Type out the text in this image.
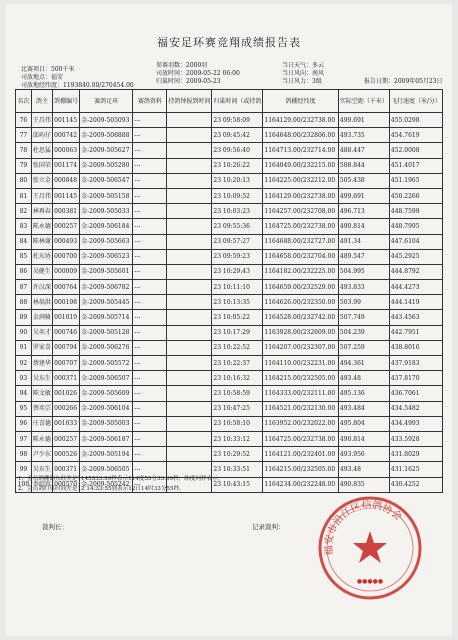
福安足环赛竞翔成绩报告表
比赛项目：500千米
司放地点：福安
司放地经纬度：1193840.00/270454.00
参赛羽数：2000羽
司放时间：2009-05-22 06:00
归巢时间：2009-05-23
当日天气：多云
当日风向：南风
当日风力：3级	报告日期：2009年05月23日
名次	鸽主	鸽棚编号	赛鸽足环	赛鸽资料	持鸽钟报到时间	归巢时间（或持鸽	鸽棚经纬度	实际空距（千米）	飞行速度（米/分）
76	王昌伟	001145	金-2009-505093	---		23 09:58:09	1164129.00/232738.00	499.691	455.0298
77	邱屿仔	000742	金-2009-506888	---		23 09:45:42	1164648.00/232806.00	493.735	454.7619
78	杜思猛	000063	金-2009-505627	---		23 09:56:40	1164713.00/232714.00	488.447	452.0008
79	张国荣	001174	金-2009-505280	---		23 10:26:22	1164049.00/232215.00	508.844	451.4017
80	张立金	000848	金-2009-506547	---		23 10:20:13	1164225.00/232212.00	505.438	451.1965
81	王昌伟	001145	金-2009-505158	---		23 10:09:52	1164129.00/232738.00	499.691	450.2266
82	林再春	000381	金-2009-505033	---		23 10:03:23	1164257.00/232708.00	496.713	448.7599
83	陈永德	000257	金-2009-506184	---		23 09:55:36	1164725.00/232738.00	490.814	448.7995
84	陈林谢	000493	金-2009-505663	---		23 09:57:27	1164688.00/232727.00	491.34	447.6104
85	杜东协	000700	金-2009-506523	---		23 09:59:23	1164658.00/232704.00	489.547	445.2925
86	吴健生	000009	金-2009-505601	---		23 10:29:43	1164182.00/232225.00	504.995	444.8792
87	许汉深	000764	金-2009-506782	---		23 10:11:10	1164659.00/232529.00	493.833	444.4273
88	林翁洪	000198	金-2009-505445	---		23 10:13:35	1164626.00/232350.00	503.99	444.1419
89	金润骑	001019	金-2009-505714	---		23 10:05:22	1164528.00/232742.00	507.749	443.4563
90	吴奕才	000746	金-2009-505128	---		23 10:17:29	1163928.00/232609.00	504.239	442.7951
91	罗家喜	000794	金-2009-506276	---		23 10:22:52	1164207.00/232307.00	507.259	438.8016
92	蔡建华	000707	金-2009-505572	---		23 10:22:37	1164110.00/232231.00	494.361	437.9183
93	吴东生	000371	金-2009-506507	---		23 10:16:32	1164215.00/232505.00	493.48	437.8170
94	陈文敏	001026	金-2009-505609	---		23 10:58:59	1164333.00/232111.00	495.136	436.7061
95	蔡奕宗	000266	金-2009-506104	---		23 10:47:25	1164521.00/232130.00	493.484	434.5482
96	庄喜德	001033	金-2009-505003	---		23 10:58:10	1163952.00/232022.00	495.804	434.4993
97	陈永德	000257	金-2009-506187	---		23 10:33:12	1164725.00/232738.00	490.814	433.5928
98	卢少东	000526	金-2009-505194	---		23 10:29:52	1164121.00/232401.00	493.956	431.8029
99	吴东生	000371	金-2009-506505	---		23 10:33:51	1164215.00/232505.00	493.48	431.1625
100	李绍容	000570	金-2009-505242	---		23 10:43:15	1164234.00/232248.00	490.835	430.4252
1、会员鸽棚的东经差是1145533.99秒表示114度55分33.99秒，纬度同样表示。
2、会员鸽归巢时间差是12 14:33:55到表示12日14时33分55秒。
裁判长：	记录裁判：
●●●●●
福安市沿江区信鸽协会
